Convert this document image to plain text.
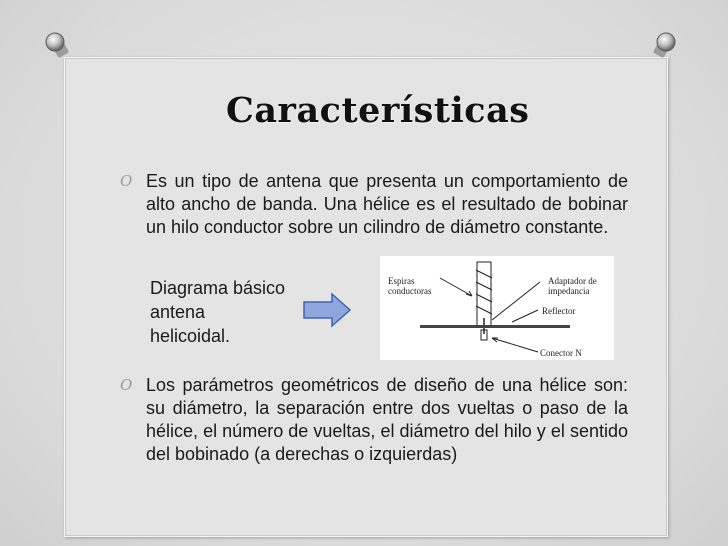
Características
O Es un tipo de antena que presenta un comportamiento de alto ancho de banda. Una hélice es el resultado de bobinar un hilo conductor sobre un cilindro de diámetro constante.
Diagrama básico
antena
helicoidal.
Espiras
conductoras
Adaptador de
impedancia
Reflector
Conector N
O Los parámetros geométricos de diseño de una hélice son: su diámetro, la separación entre dos vueltas o paso de la hélice, el número de vueltas, el diámetro del hilo y el sentido del bobinado (a derechas o izquierdas)
